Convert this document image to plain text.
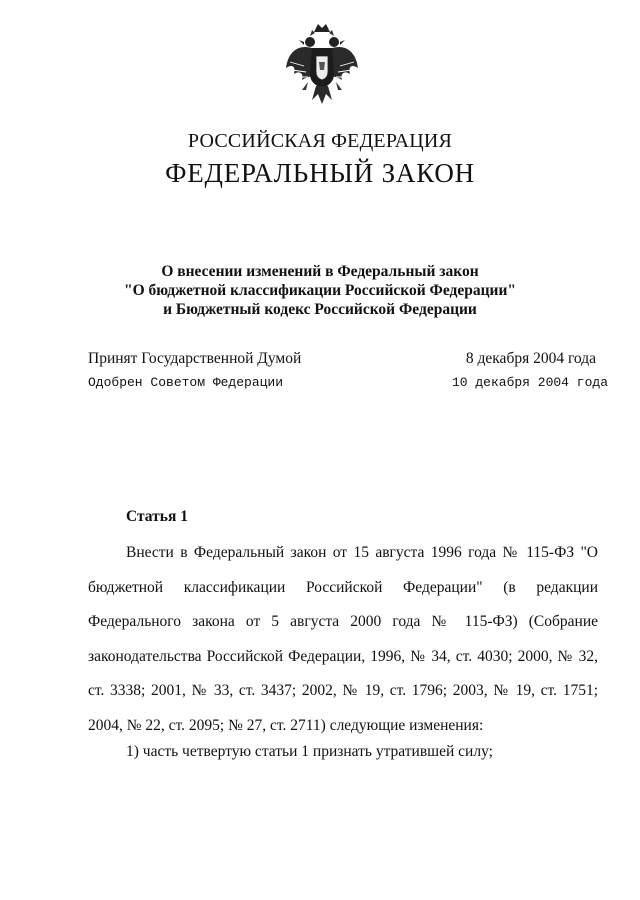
РОССИЙСКАЯ ФЕДЕРАЦИЯ
ФЕДЕРАЛЬНЫЙ ЗАКОН
О внесении изменений в Федеральный закон
"О бюджетной классификации Российской Федерации"
и Бюджетный кодекс Российской Федерации
Принят Государственной Думой	8 декабря 2004 года
Одобрен Советом Федерации	10 декабря 2004 года
Статья 1

Внести в Федеральный закон от 15 августа 1996 года № 115-ФЗ "О бюджетной классификации Российской Федерации" (в редакции Федерального закона от 5 августа 2000 года № 115-ФЗ) (Собрание законодательства Российской Федерации, 1996, № 34, ст. 4030; 2000, № 32, ст. 3338; 2001, № 33, ст. 3437; 2002, № 19, ст. 1796; 2003, № 19, ст. 1751; 2004, № 22, ст. 2095; № 27, ст. 2711) следующие изменения:

1) часть четвертую статьи 1 признать утратившей силу;
